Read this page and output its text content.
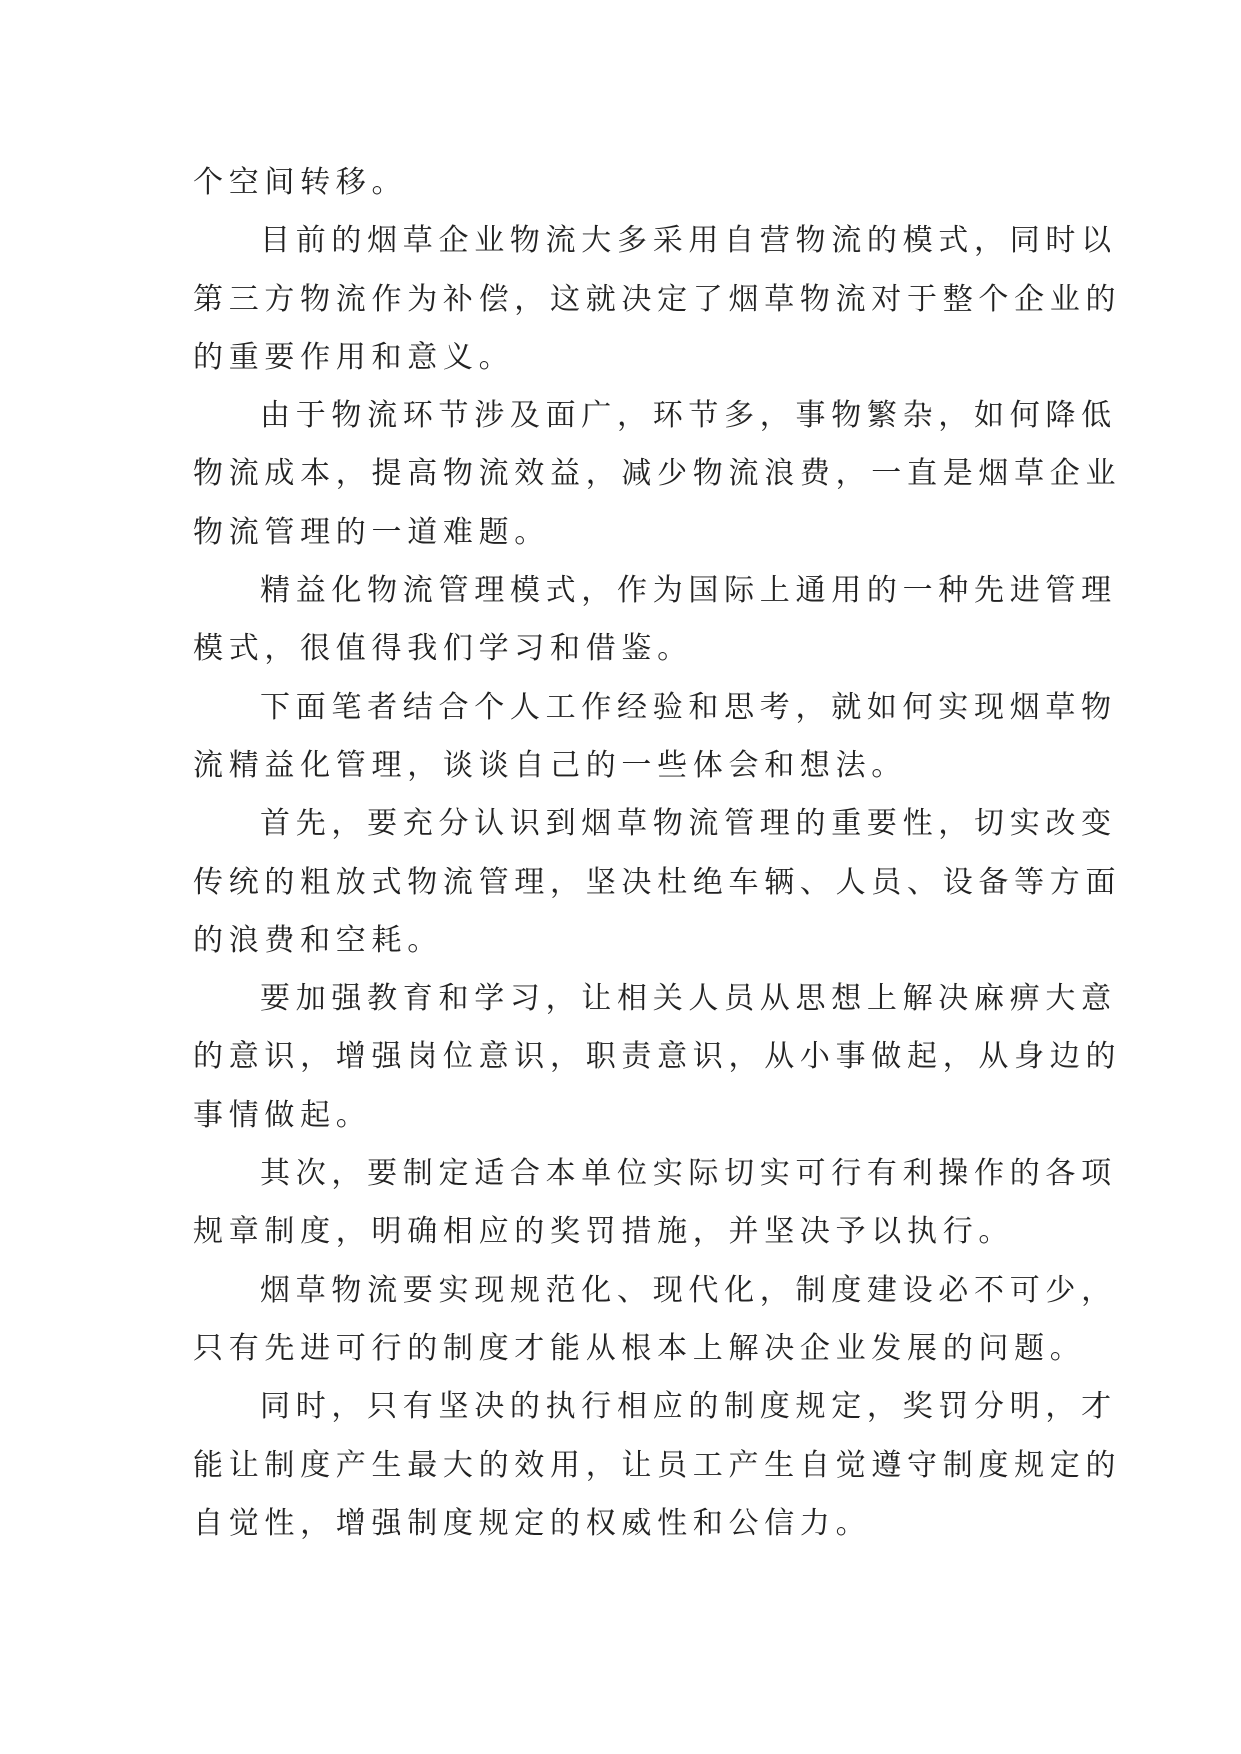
个空间转移。
目前的烟草企业物流大多采用自营物流的模式，同时以
第三方物流作为补偿，这就决定了烟草物流对于整个企业的
的重要作用和意义。
由于物流环节涉及面广，环节多，事物繁杂，如何降低
物流成本，提高物流效益，减少物流浪费，一直是烟草企业
物流管理的一道难题。
精益化物流管理模式，作为国际上通用的一种先进管理
模式，很值得我们学习和借鉴。
下面笔者结合个人工作经验和思考，就如何实现烟草物
流精益化管理，谈谈自己的一些体会和想法。
首先，要充分认识到烟草物流管理的重要性，切实改变
传统的粗放式物流管理，坚决杜绝车辆、人员、设备等方面
的浪费和空耗。
要加强教育和学习，让相关人员从思想上解决麻痹大意
的意识，增强岗位意识，职责意识，从小事做起，从身边的
事情做起。
其次，要制定适合本单位实际切实可行有利操作的各项
规章制度，明确相应的奖罚措施，并坚决予以执行。
烟草物流要实现规范化、现代化，制度建设必不可少，
只有先进可行的制度才能从根本上解决企业发展的问题。
同时，只有坚决的执行相应的制度规定，奖罚分明，才
能让制度产生最大的效用，让员工产生自觉遵守制度规定的
自觉性，增强制度规定的权威性和公信力。
